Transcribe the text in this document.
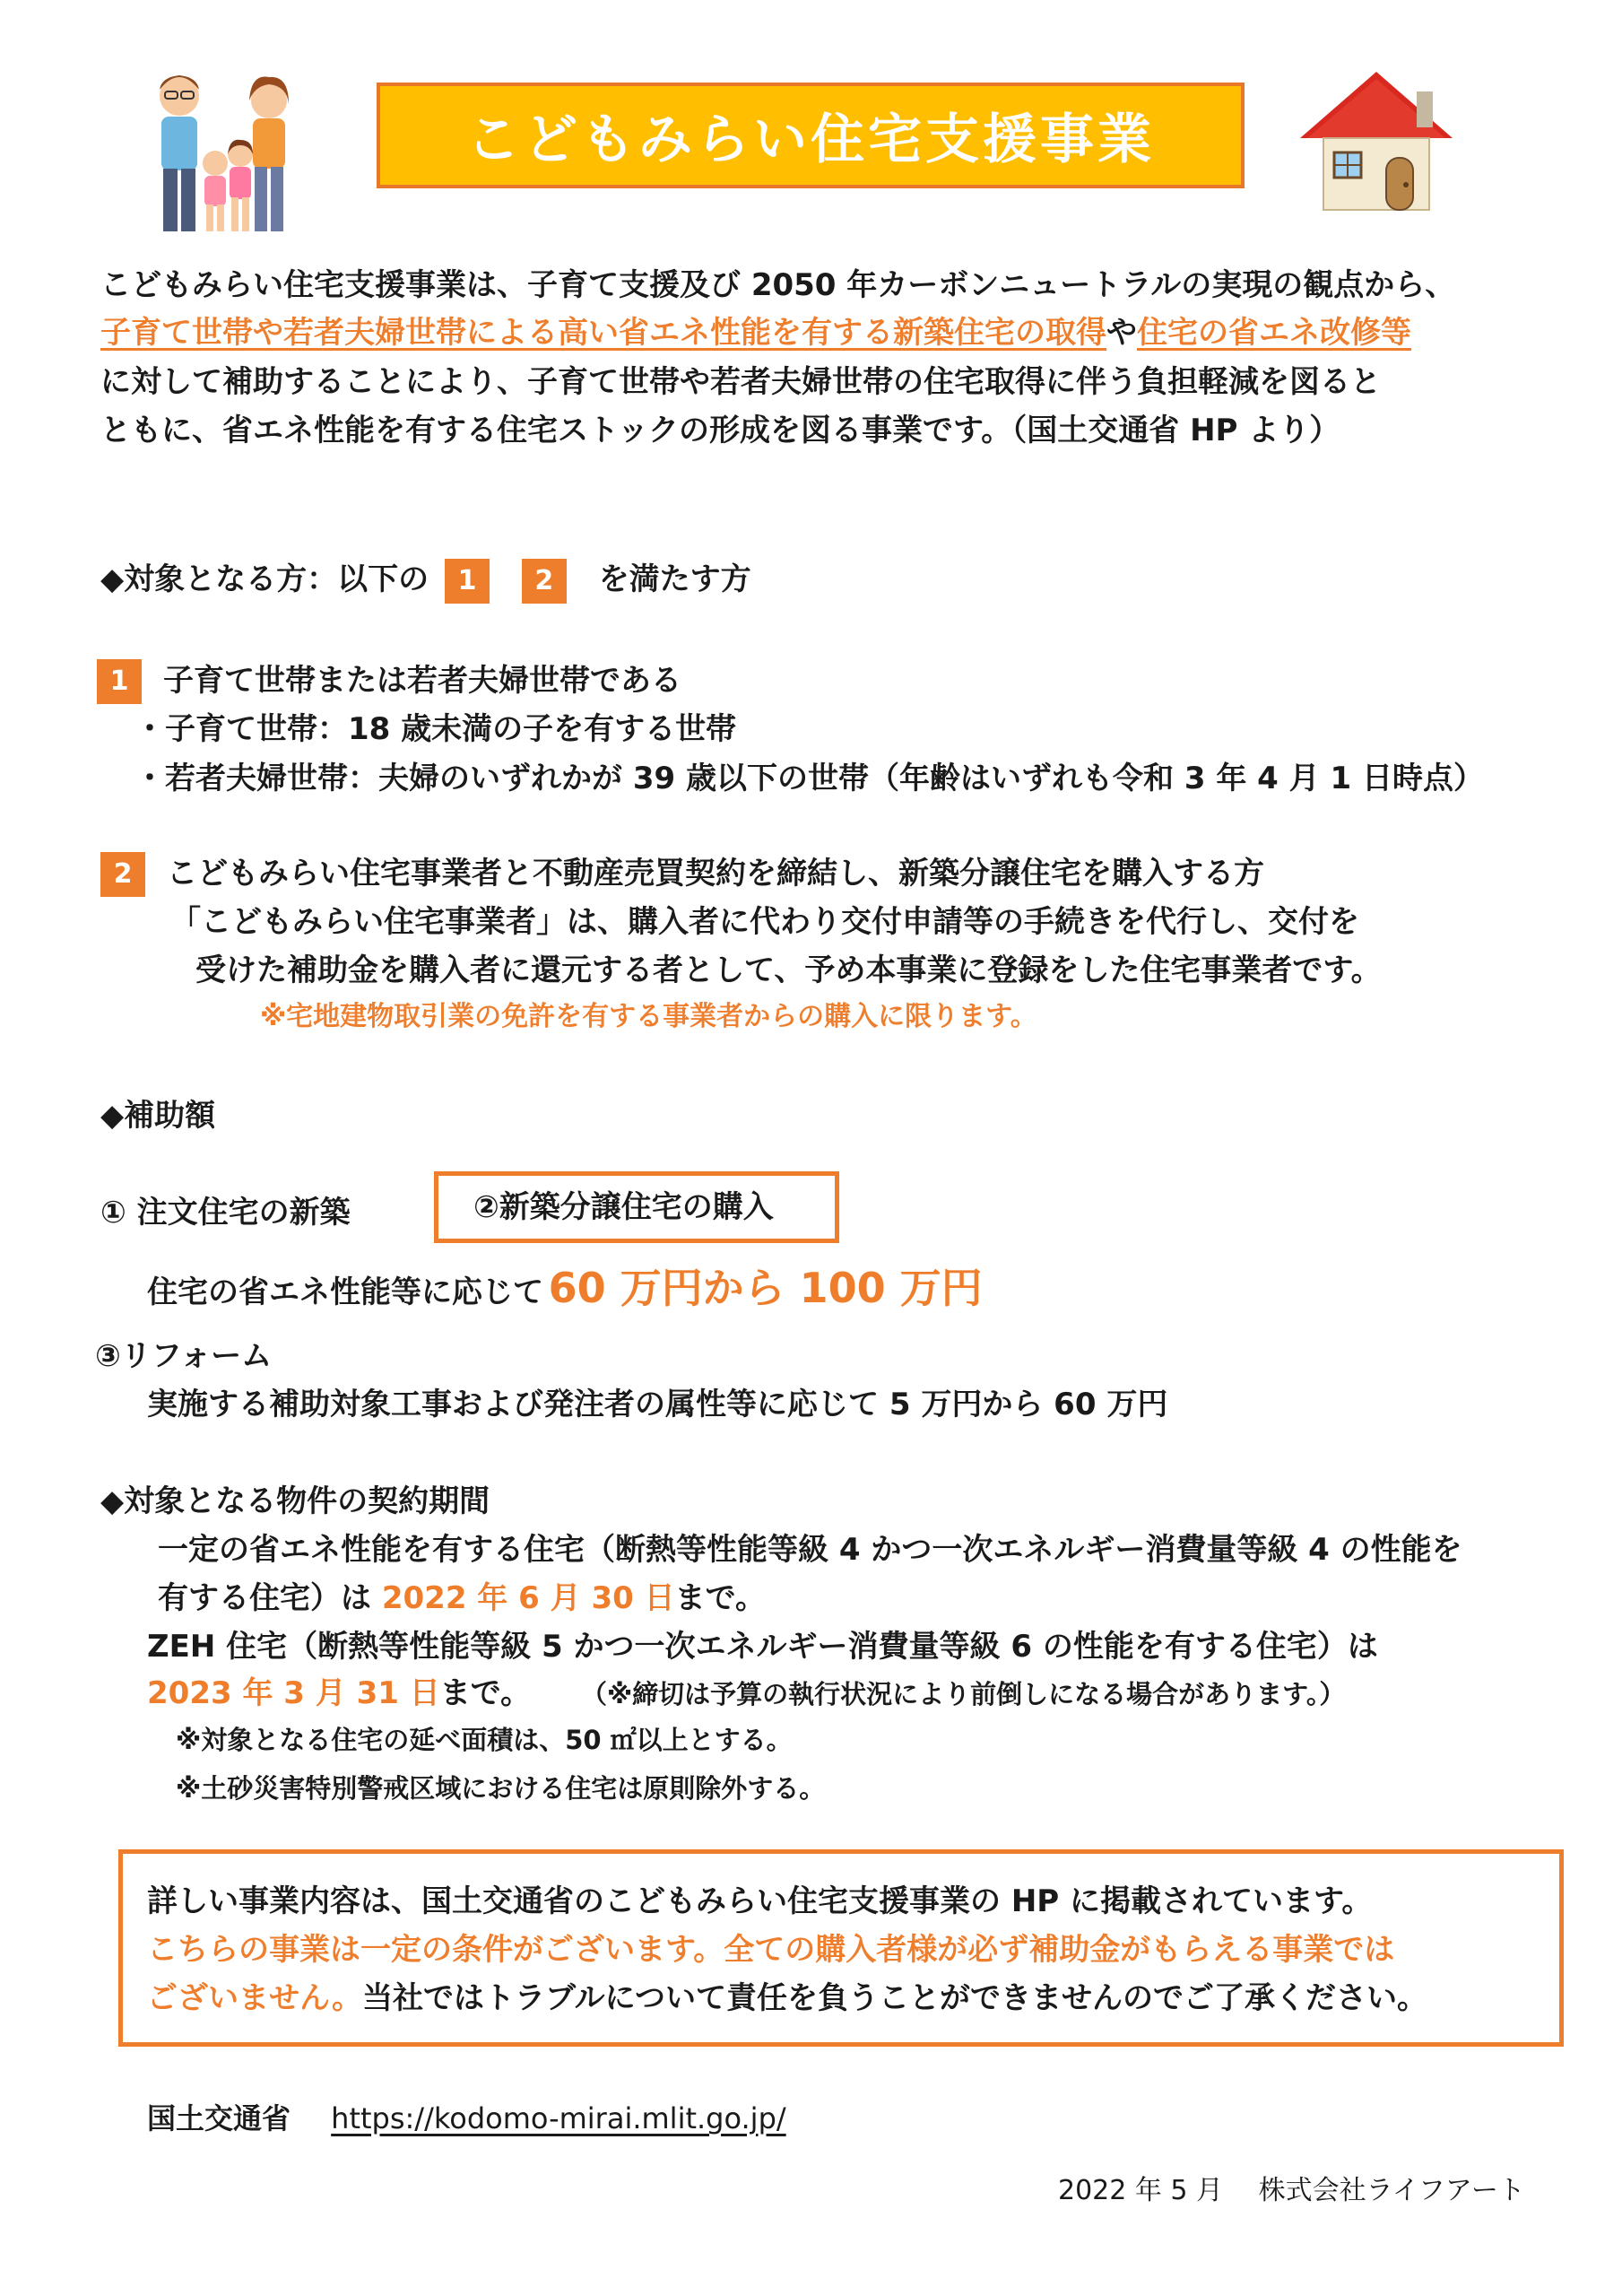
こどもみらい住宅支援事業
こどもみらい住宅支援事業は、子育て支援及び 2050 年カーボンニュートラルの実現の観点から、
子育て世帯や若者夫婦世帯による高い省エネ性能を有する新築住宅の取得や住宅の省エネ改修等
に対して補助することにより、子育て世帯や若者夫婦世帯の住宅取得に伴う負担軽減を図ると
ともに、省エネ性能を有する住宅ストックの形成を図る事業です。（国土交通省 HP より）
◆対象となる方：以下の 1 2 を満たす方
1	子育て世帯または若者夫婦世帯である
・子育て世帯：18 歳未満の子を有する世帯
・若者夫婦世帯：夫婦のいずれかが 39 歳以下の世帯（年齢はいずれも令和 3 年 4 月 1 日時点）
2	こどもみらい住宅事業者と不動産売買契約を締結し、新築分譲住宅を購入する方
「こどもみらい住宅事業者」は、購入者に代わり交付申請等の手続きを代行し、交付を
受けた補助金を購入者に還元する者として、予め本事業に登録をした住宅事業者です。
※宅地建物取引業の免許を有する事業者からの購入に限ります。
◆補助額
① 注文住宅の新築	②新築分譲住宅の購入
住宅の省エネ性能等に応じて 60 万円から 100 万円
③リフォーム
実施する補助対象工事および発注者の属性等に応じて 5 万円から 60 万円
◆対象となる物件の契約期間
一定の省エネ性能を有する住宅（断熱等性能等級 4 かつ一次エネルギー消費量等級 4 の性能を
有する住宅）は 2022 年 6 月 30 日まで。
ZEH 住宅（断熱等性能等級 5 かつ一次エネルギー消費量等級 6 の性能を有する住宅）は
2023 年 3 月 31 日まで。 （※締切は予算の執行状況により前倒しになる場合があります。）
※対象となる住宅の延べ面積は、50 ㎡以上とする。
※土砂災害特別警戒区域における住宅は原則除外する。
詳しい事業内容は、国土交通省のこどもみらい住宅支援事業の HP に掲載されています。
こちらの事業は一定の条件がございます。全ての購入者様が必ず補助金がもらえる事業では
ございません。当社ではトラブルについて責任を負うことができませんのでご了承ください。
国土交通省 https://kodomo-mirai.mlit.go.jp/
2022 年 5 月 株式会社ライフアート
